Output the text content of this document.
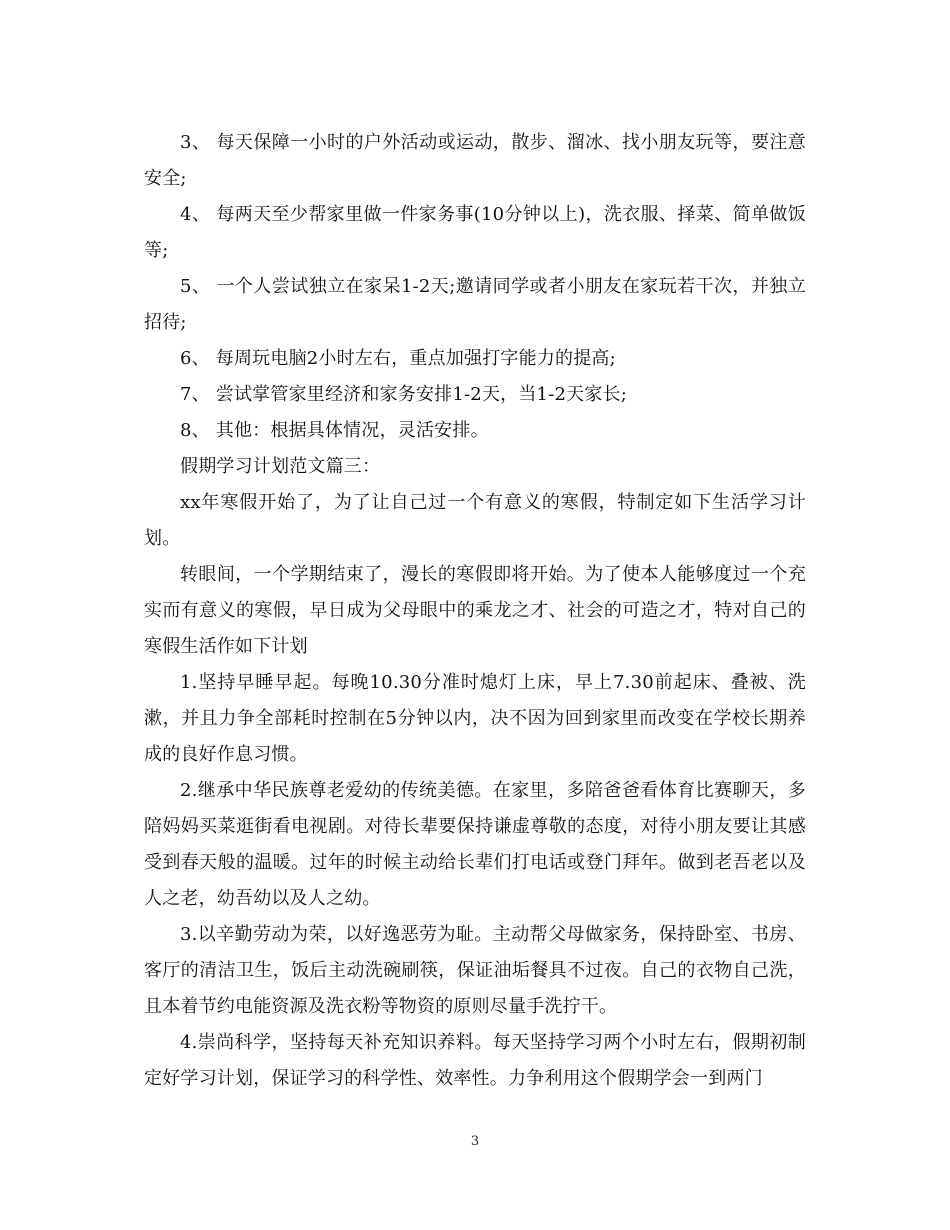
3、 每天保障一小时的户外活动或运动，散步、溜冰、找小朋友玩等，要注意安全;

4、 每两天至少帮家里做一件家务事(10分钟以上)，洗衣服、择菜、简单做饭等;

5、 一个人尝试独立在家呆1-2天;邀请同学或者小朋友在家玩若干次，并独立招待;

6、 每周玩电脑2小时左右，重点加强打字能力的提高;

7、 尝试掌管家里经济和家务安排1-2天，当1-2天家长;

8、 其他：根据具体情况，灵活安排。

假期学习计划范文篇三：

xx年寒假开始了，为了让自己过一个有意义的寒假，特制定如下生活学习计划。

转眼间，一个学期结束了，漫长的寒假即将开始。为了使本人能够度过一个充实而有意义的寒假，早日成为父母眼中的乘龙之才、社会的可造之才，特对自己的寒假生活作如下计划

1.坚持早睡早起。每晚10.30分准时熄灯上床，早上7.30前起床、叠被、洗漱，并且力争全部耗时控制在5分钟以内，决不因为回到家里而改变在学校长期养成的良好作息习惯。

2.继承中华民族尊老爱幼的传统美德。在家里，多陪爸爸看体育比赛聊天，多陪妈妈买菜逛街看电视剧。对待长辈要保持谦虚尊敬的态度，对待小朋友要让其感受到春天般的温暖。过年的时候主动给长辈们打电话或登门拜年。做到老吾老以及人之老，幼吾幼以及人之幼。

3.以辛勤劳动为荣，以好逸恶劳为耻。主动帮父母做家务，保持卧室、书房、客厅的清洁卫生，饭后主动洗碗刷筷，保证油垢餐具不过夜。自己的衣物自己洗，且本着节约电能资源及洗衣粉等物资的原则尽量手洗拧干。

4.崇尚科学，坚持每天补充知识养料。每天坚持学习两个小时左右，假期初制定好学习计划，保证学习的科学性、效率性。力争利用这个假期学会一到两门

3
